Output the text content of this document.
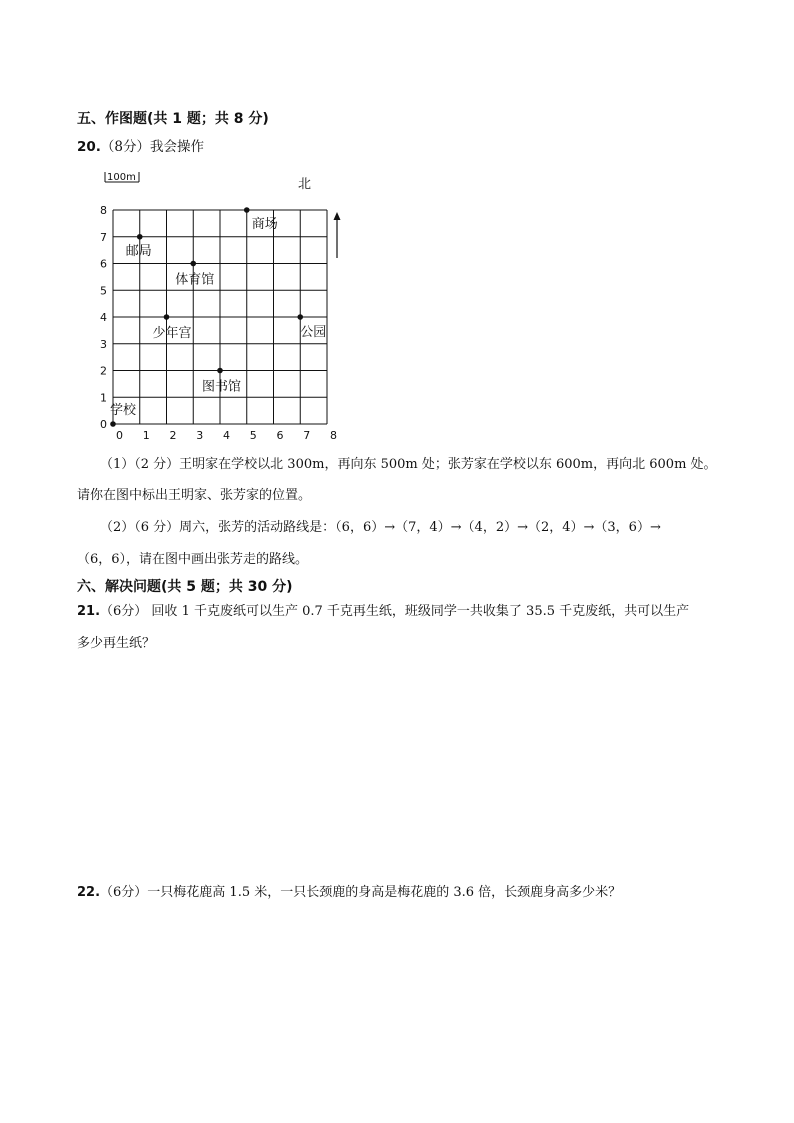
五、作图题(共 1 题；共 8 分)
20.（8分）我会操作
0 1 2 3 4 5 6 7 8
1
2
3
4
5
6
7
8
0
学校
邮局
体育馆
少年宫
图书馆
商场
公园
100m	北
（1）（2 分）王明家在学校以北 300m，再向东 500m 处；张芳家在学校以东 600m，再向北 600m 处。
请你在图中标出王明家、张芳家的位置。
（2）（6 分）周六，张芳的活动路线是：（6，6）→（7，4）→（4，2）→（2，4）→（3，6）→
（6，6），请在图中画出张芳走的路线。
六、解决问题(共 5 题；共 30 分)
21.（6分） 回收 1 千克废纸可以生产 0.7 千克再生纸，班级同学一共收集了 35.5 千克废纸，共可以生产
多少再生纸？
22.（6分）一只梅花鹿高 1.5 米，一只长颈鹿的身高是梅花鹿的 3.6 倍，长颈鹿身高多少米？
